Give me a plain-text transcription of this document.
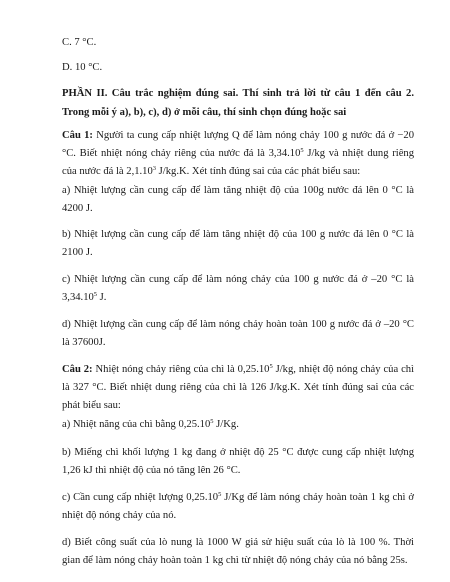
C. 7 °C.
D. 10 °C.
PHẦN II. Câu trắc nghiệm đúng sai. Thí sinh trả lời từ câu 1 đến câu 2. Trong mỗi ý a), b), c), d) ở mỗi câu, thí sinh chọn đúng hoặc sai
Câu 1: Người ta cung cấp nhiệt lượng Q để làm nóng chảy 100 g nước đá ở −20 °C. Biết nhiệt nóng chảy riêng của nước đá là 3,34.10$^5$ J/kg và nhiệt dung riêng của nước đá là 2,1.10$^3$ J/kg.K. Xét tính đúng sai của các phát biểu sau:
a) Nhiệt lượng cần cung cấp để làm tăng nhiệt độ của 100g nước đá lên 0 °C là 4200 J.
b) Nhiệt lượng cần cung cấp để làm tăng nhiệt độ của 100 g nước đá lên 0 °C là 2100 J.
c) Nhiệt lượng cần cung cấp để làm nóng chảy của 100 g nước đá ở –20 °C là 3,34.10$^5$ J.
d) Nhiệt lượng cần cung cấp để làm nóng chảy hoàn toàn 100 g nước đá ở –20 °C là 37600J.
Câu 2: Nhiệt nóng chảy riêng của chì là 0,25.10$^5$ J/kg, nhiệt độ nóng chảy của chì là 327 °C. Biết nhiệt dung riêng của chì là 126 J/kg.K. Xét tính đúng sai của các phát biểu sau:
a) Nhiệt năng của chì bằng 0,25.10$^5$ J/Kg.
b) Miếng chì khối lượng 1 kg đang ở nhiệt độ 25 °C được cung cấp nhiệt lượng 1,26 kJ thì nhiệt độ của nó tăng lên 26 °C.
c) Cần cung cấp nhiệt lượng 0,25.10$^5$ J/Kg để làm nóng chảy hoàn toàn 1 kg chì ở nhiệt độ nóng chảy của nó.
d) Biết công suất của lò nung là 1000 W giả sử hiệu suất của lò là 100 %. Thời gian để làm nóng chảy hoàn toàn 1 kg chì từ nhiệt độ nóng chảy của nó bằng 25s.
